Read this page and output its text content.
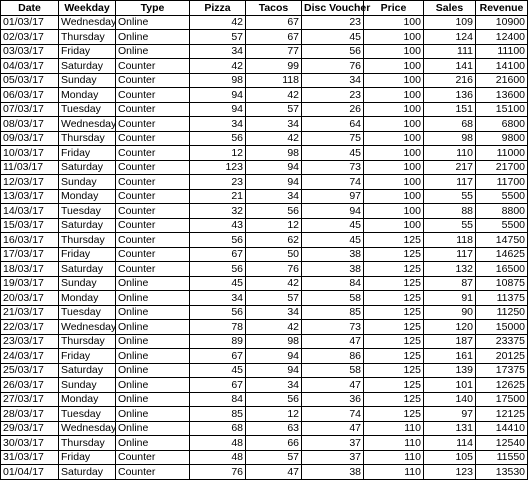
Date	Weekday	Type	Pizza	Tacos	Disc Voucher	Price	Sales	Revenue
01/03/17	Wednesday	Online	42	67	23	100	109	10900
02/03/17	Thursday	Online	57	67	45	100	124	12400
03/03/17	Friday	Online	34	77	56	100	111	11100
04/03/17	Saturday	Counter	42	99	76	100	141	14100
05/03/17	Sunday	Counter	98	118	34	100	216	21600
06/03/17	Monday	Counter	94	42	23	100	136	13600
07/03/17	Tuesday	Counter	94	57	26	100	151	15100
08/03/17	Wednesday	Counter	34	34	64	100	68	6800
09/03/17	Thursday	Counter	56	42	75	100	98	9800
10/03/17	Friday	Counter	12	98	45	100	110	11000
11/03/17	Saturday	Counter	123	94	73	100	217	21700
12/03/17	Sunday	Counter	23	94	74	100	117	11700
13/03/17	Monday	Counter	21	34	97	100	55	5500
14/03/17	Tuesday	Counter	32	56	94	100	88	8800
15/03/17	Saturday	Counter	43	12	45	100	55	5500
16/03/17	Thursday	Counter	56	62	45	125	118	14750
17/03/17	Friday	Counter	67	50	38	125	117	14625
18/03/17	Saturday	Counter	56	76	38	125	132	16500
19/03/17	Sunday	Online	45	42	84	125	87	10875
20/03/17	Monday	Online	34	57	58	125	91	11375
21/03/17	Tuesday	Online	56	34	85	125	90	11250
22/03/17	Wednesday	Online	78	42	73	125	120	15000
23/03/17	Thursday	Online	89	98	47	125	187	23375
24/03/17	Friday	Online	67	94	86	125	161	20125
25/03/17	Saturday	Online	45	94	58	125	139	17375
26/03/17	Sunday	Online	67	34	47	125	101	12625
27/03/17	Monday	Online	84	56	36	125	140	17500
28/03/17	Tuesday	Online	85	12	74	125	97	12125
29/03/17	Wednesday	Online	68	63	47	110	131	14410
30/03/17	Thursday	Online	48	66	37	110	114	12540
31/03/17	Friday	Counter	48	57	37	110	105	11550
01/04/17	Saturday	Counter	76	47	38	110	123	13530
